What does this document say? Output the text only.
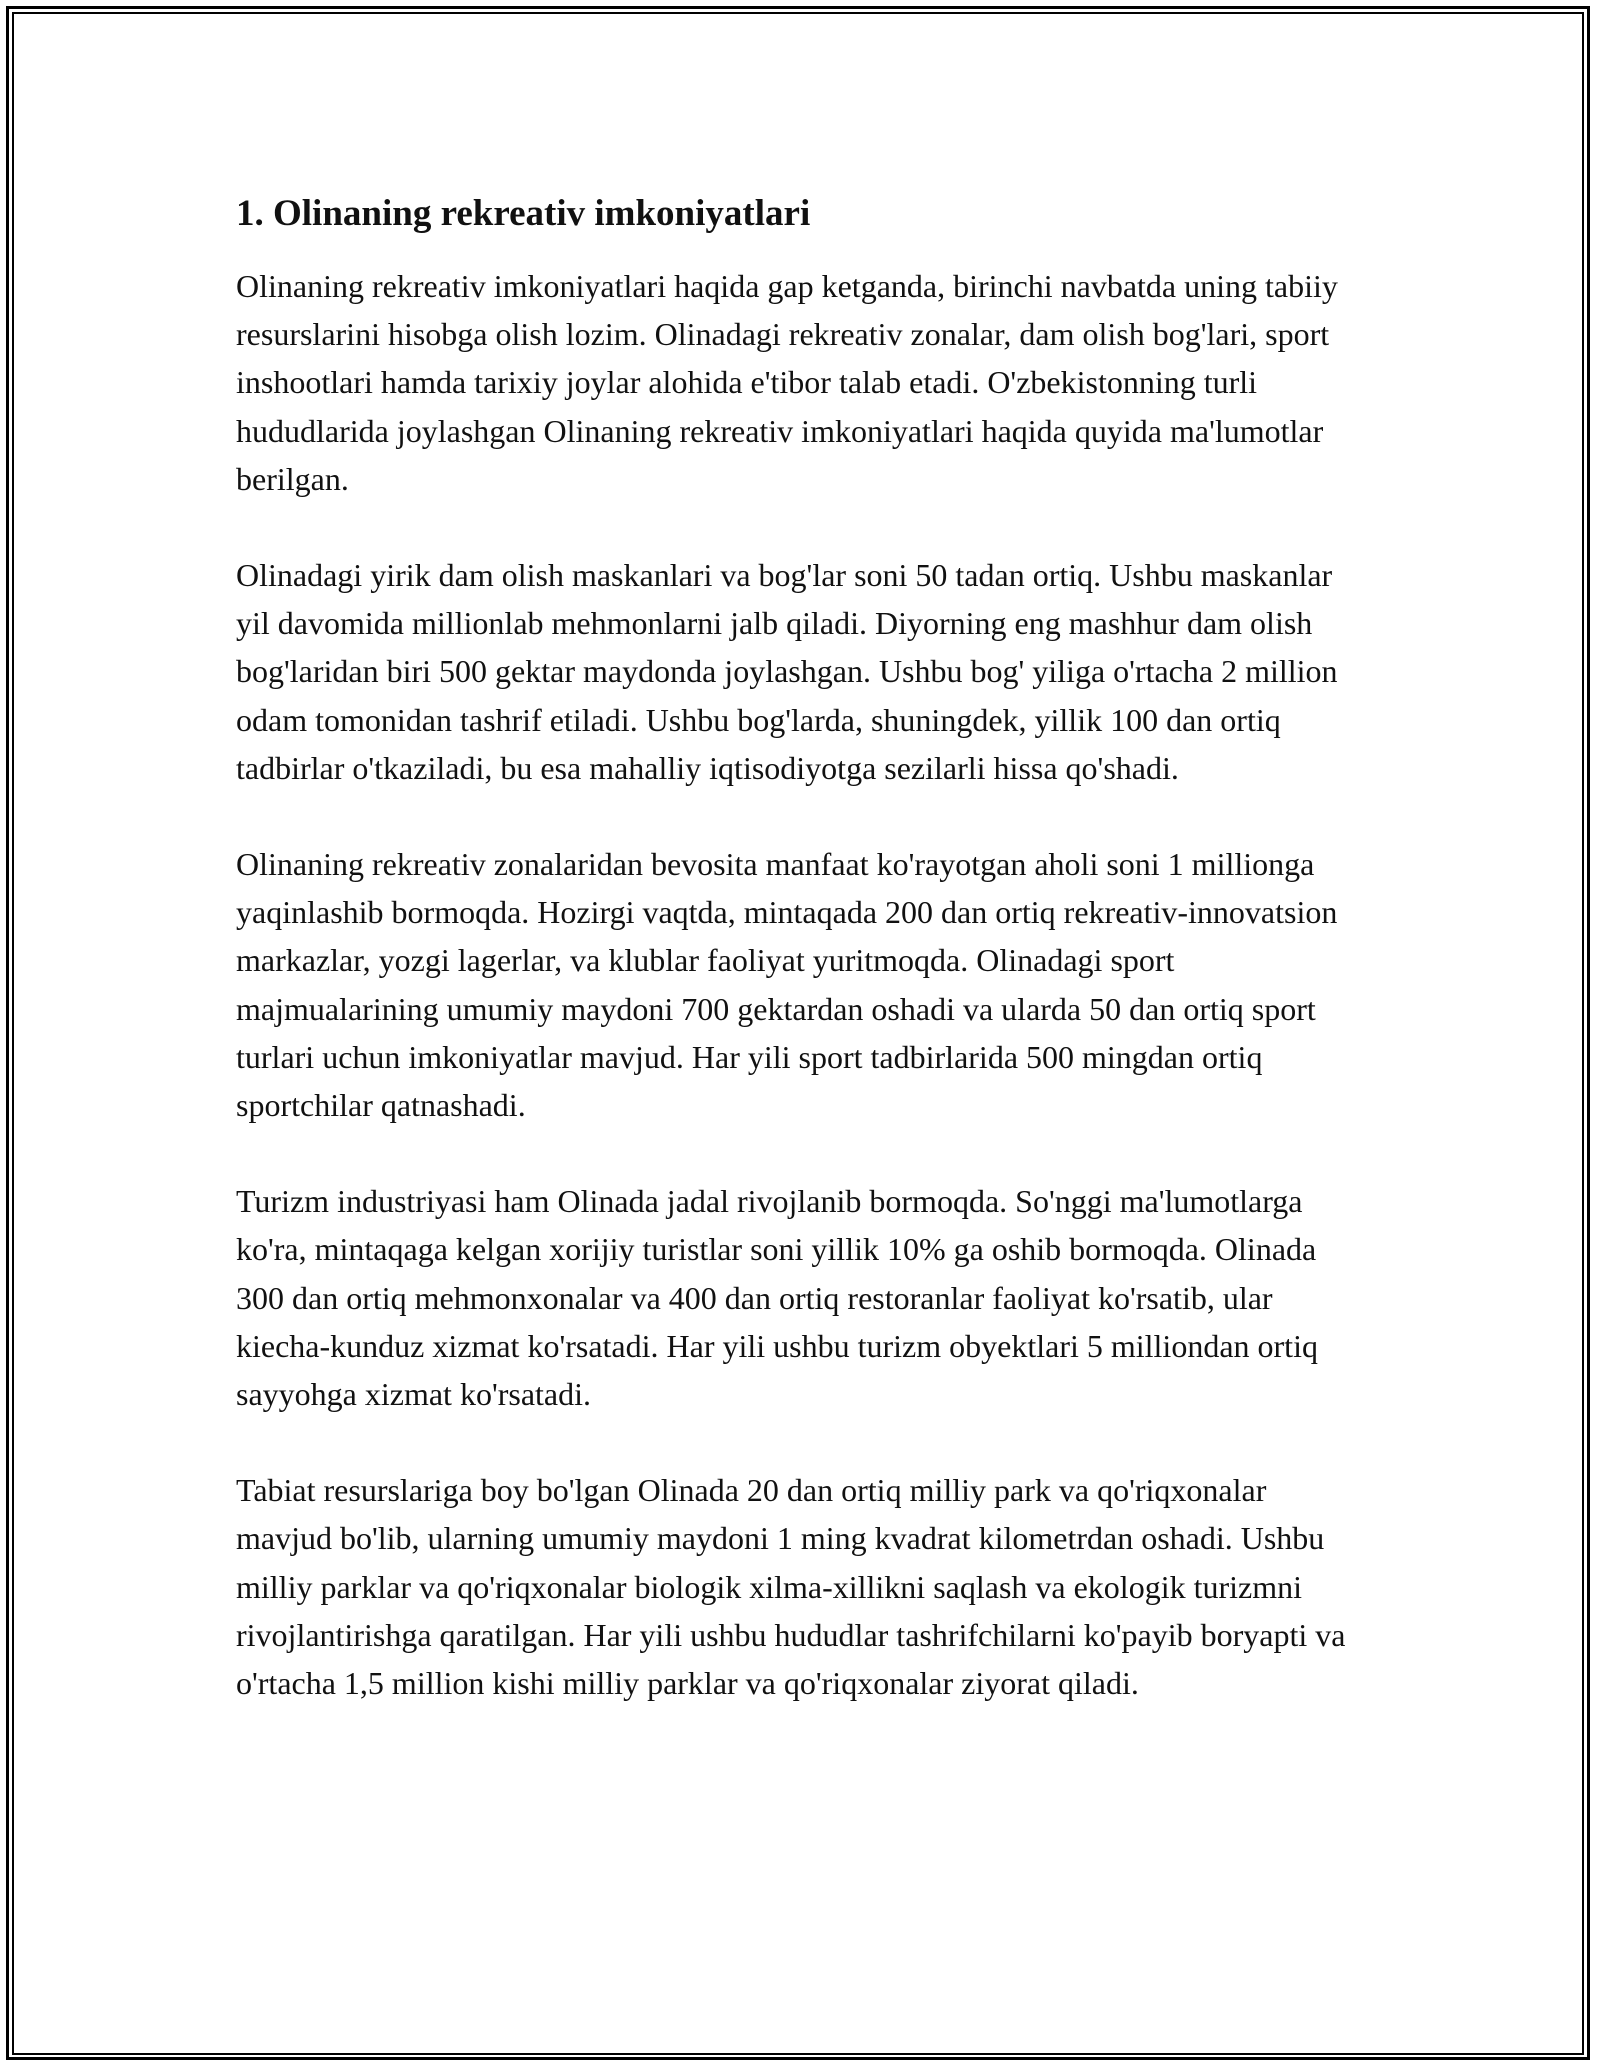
1. Olinaning rekreativ imkoniyatlari

Olinaning rekreativ imkoniyatlari haqida gap ketganda, birinchi navbatda uning tabiiy resurslarini hisobga olish lozim. Olinadagi rekreativ zonalar, dam olish bog'lari, sport inshootlari hamda tarixiy joylar alohida e'tibor talab etadi. O'zbekistonning turli hududlarida joylashgan Olinaning rekreativ imkoniyatlari haqida quyida ma'lumotlar berilgan.

Olinadagi yirik dam olish maskanlari va bog'lar soni 50 tadan ortiq. Ushbu maskanlar yil davomida millionlab mehmonlarni jalb qiladi. Diyorning eng mashhur dam olish bog'laridan biri 500 gektar maydonda joylashgan. Ushbu bog' yiliga o'rtacha 2 million odam tomonidan tashrif etiladi. Ushbu bog'larda, shuningdek, yillik 100 dan ortiq tadbirlar o'tkaziladi, bu esa mahalliy iqtisodiyotga sezilarli hissa qo'shadi.

Olinaning rekreativ zonalaridan bevosita manfaat ko'rayotgan aholi soni 1 millionga yaqinlashib bormoqda. Hozirgi vaqtda, mintaqada 200 dan ortiq rekreativ-innovatsion markazlar, yozgi lagerlar, va klublar faoliyat yuritmoqda. Olinadagi sport majmualarining umumiy maydoni 700 gektardan oshadi va ularda 50 dan ortiq sport turlari uchun imkoniyatlar mavjud. Har yili sport tadbirlarida 500 mingdan ortiq sportchilar qatnashadi.

Turizm industriyasi ham Olinada jadal rivojlanib bormoqda. So'nggi ma'lumotlarga ko'ra, mintaqaga kelgan xorijiy turistlar soni yillik 10% ga oshib bormoqda. Olinada 300 dan ortiq mehmonxonalar va 400 dan ortiq restoranlar faoliyat ko'rsatib, ular kiecha-kunduz xizmat ko'rsatadi. Har yili ushbu turizm obyektlari 5 milliondan ortiq sayyohga xizmat ko'rsatadi.

Tabiat resurslariga boy bo'lgan Olinada 20 dan ortiq milliy park va qo'riqxonalar mavjud bo'lib, ularning umumiy maydoni 1 ming kvadrat kilometrdan oshadi. Ushbu milliy parklar va qo'riqxonalar biologik xilma-xillikni saqlash va ekologik turizmni rivojlantirishga qaratilgan. Har yili ushbu hududlar tashrifchilarni ko'payib boryapti va o'rtacha 1,5 million kishi milliy parklar va qo'riqxonalar ziyorat qiladi.
